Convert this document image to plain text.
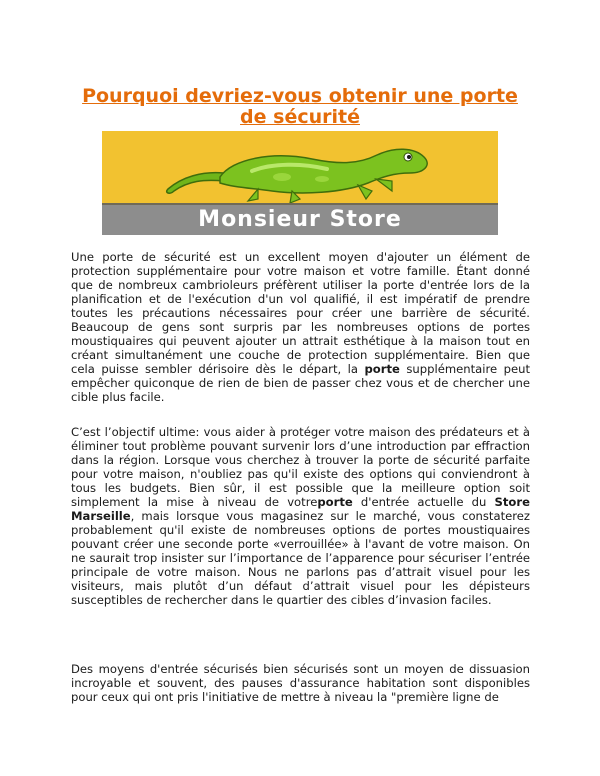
Pourquoi devriez-vous obtenir une porte de sécurité
Monsieur Store

Une porte de sécurité est un excellent moyen d'ajouter un élément de protection supplémentaire pour votre maison et votre famille. Étant donné que de nombreux cambrioleurs préfèrent utiliser la porte d'entrée lors de la planification et de l'exécution d'un vol qualifié, il est impératif de prendre toutes les précautions nécessaires pour créer une barrière de sécurité. Beaucoup de gens sont surpris par les nombreuses options de portes moustiquaires qui peuvent ajouter un attrait esthétique à la maison tout en créant simultanément une couche de protection supplémentaire. Bien que cela puisse sembler dérisoire dès le départ, la porte supplémentaire peut empêcher quiconque de rien de bien de passer chez vous et de chercher une cible plus facile.

C’est l’objectif ultime: vous aider à protéger votre maison des prédateurs et à éliminer tout problème pouvant survenir lors d’une introduction par effraction dans la région. Lorsque vous cherchez à trouver la porte de sécurité parfaite pour votre maison, n'oubliez pas qu'il existe des options qui conviendront à tous les budgets. Bien sûr, il est possible que la meilleure option soit simplement la mise à niveau de votreporte d'entrée actuelle du Store Marseille, mais lorsque vous magasinez sur le marché, vous constaterez probablement qu'il existe de nombreuses options de portes moustiquaires pouvant créer une seconde porte «verrouillée» à l'avant de votre maison. On ne saurait trop insister sur l’importance de l’apparence pour sécuriser l’entrée principale de votre maison. Nous ne parlons pas d’attrait visuel pour les visiteurs, mais plutôt d’un défaut d’attrait visuel pour les dépisteurs susceptibles de rechercher dans le quartier des cibles d’invasion faciles.

Des moyens d'entrée sécurisés bien sécurisés sont un moyen de dissuasion incroyable et souvent, des pauses d'assurance habitation sont disponibles pour ceux qui ont pris l'initiative de mettre à niveau la "première ligne de
